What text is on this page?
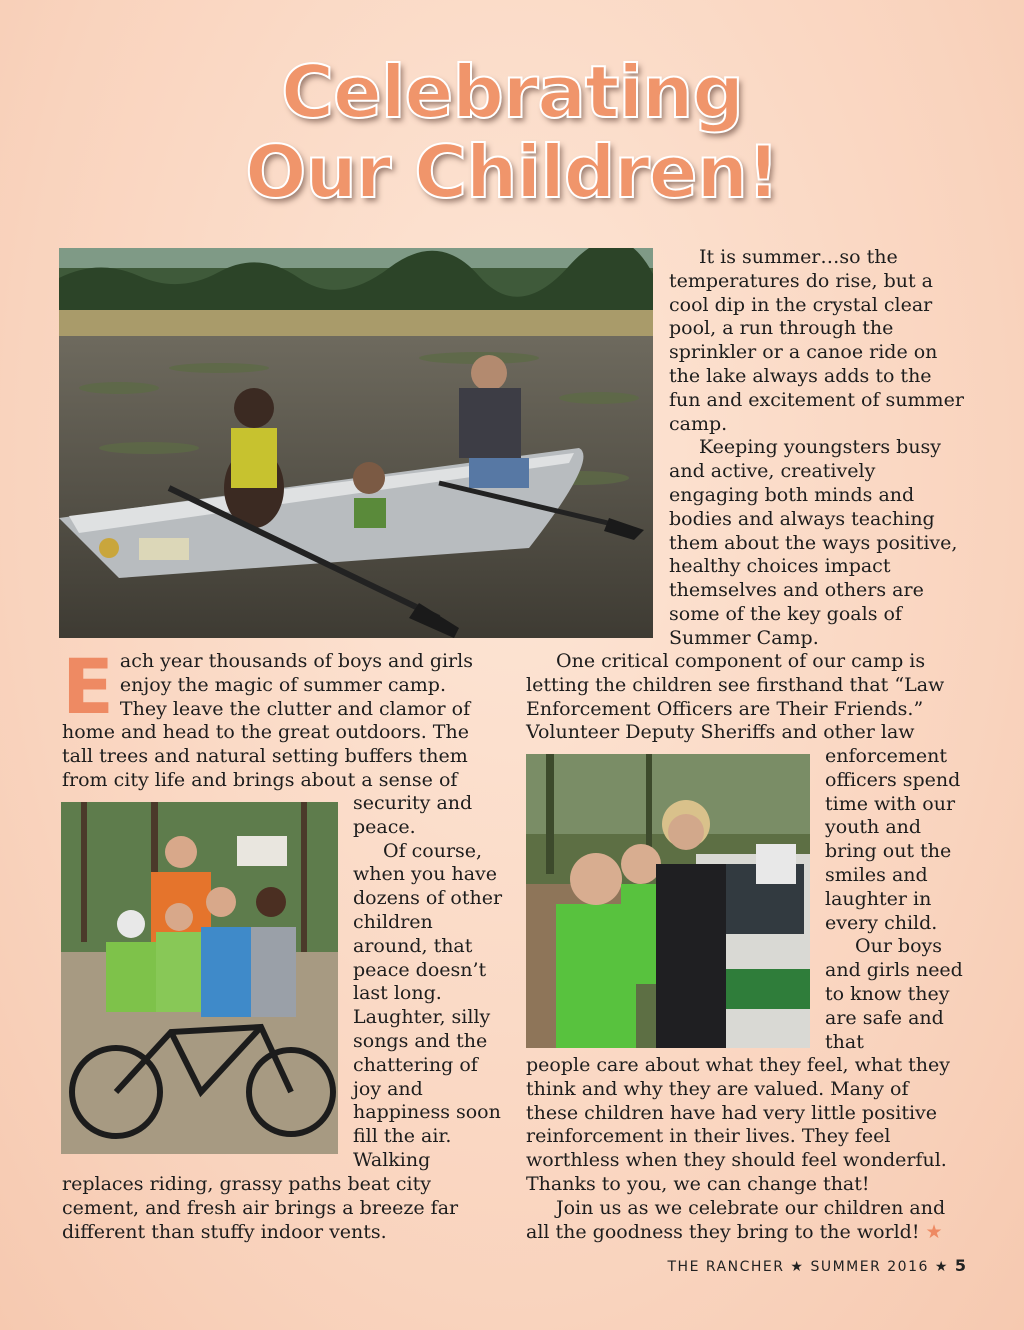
Celebrating
Our Children!

It is summer…so the temperatures do rise, but a cool dip in the crystal clear pool, a run through the sprinkler or a canoe ride on the lake always adds to the fun and excitement of summer camp.

Keeping youngsters busy and active, creatively engaging both minds and bodies and always teaching them about the ways positive, healthy choices impact themselves and others are some of the key goals of Summer Camp.

E ach year thousands of boys and girls enjoy the magic of summer camp. They leave the clutter and clamor of home and head to the great outdoors. The tall trees and natural setting buffers them from city life and brings about a sense of

security and peace.

Of course, when you have dozens of other children around, that peace doesn’t last long. Laughter, silly songs and the chattering of joy and happiness soon fill the air. Walking

replaces riding, grassy paths beat city cement, and fresh air brings a breeze far different than stuffy indoor vents.

One critical component of our camp is letting the children see firsthand that “Law Enforcement Officers are Their Friends.” Volunteer Deputy Sheriffs and other law

enforcement officers spend time with our youth and bring out the smiles and laughter in every child.

Our boys and girls need to know they are safe and that

people care about what they feel, what they think and why they are valued. Many of these children have had very little positive reinforcement in their lives. They feel worthless when they should feel wonderful. Thanks to you, we can change that!

Join us as we celebrate our children and all the goodness they bring to the world! ★

THE RANCHER ★ SUMMER 2016 ★ 5
